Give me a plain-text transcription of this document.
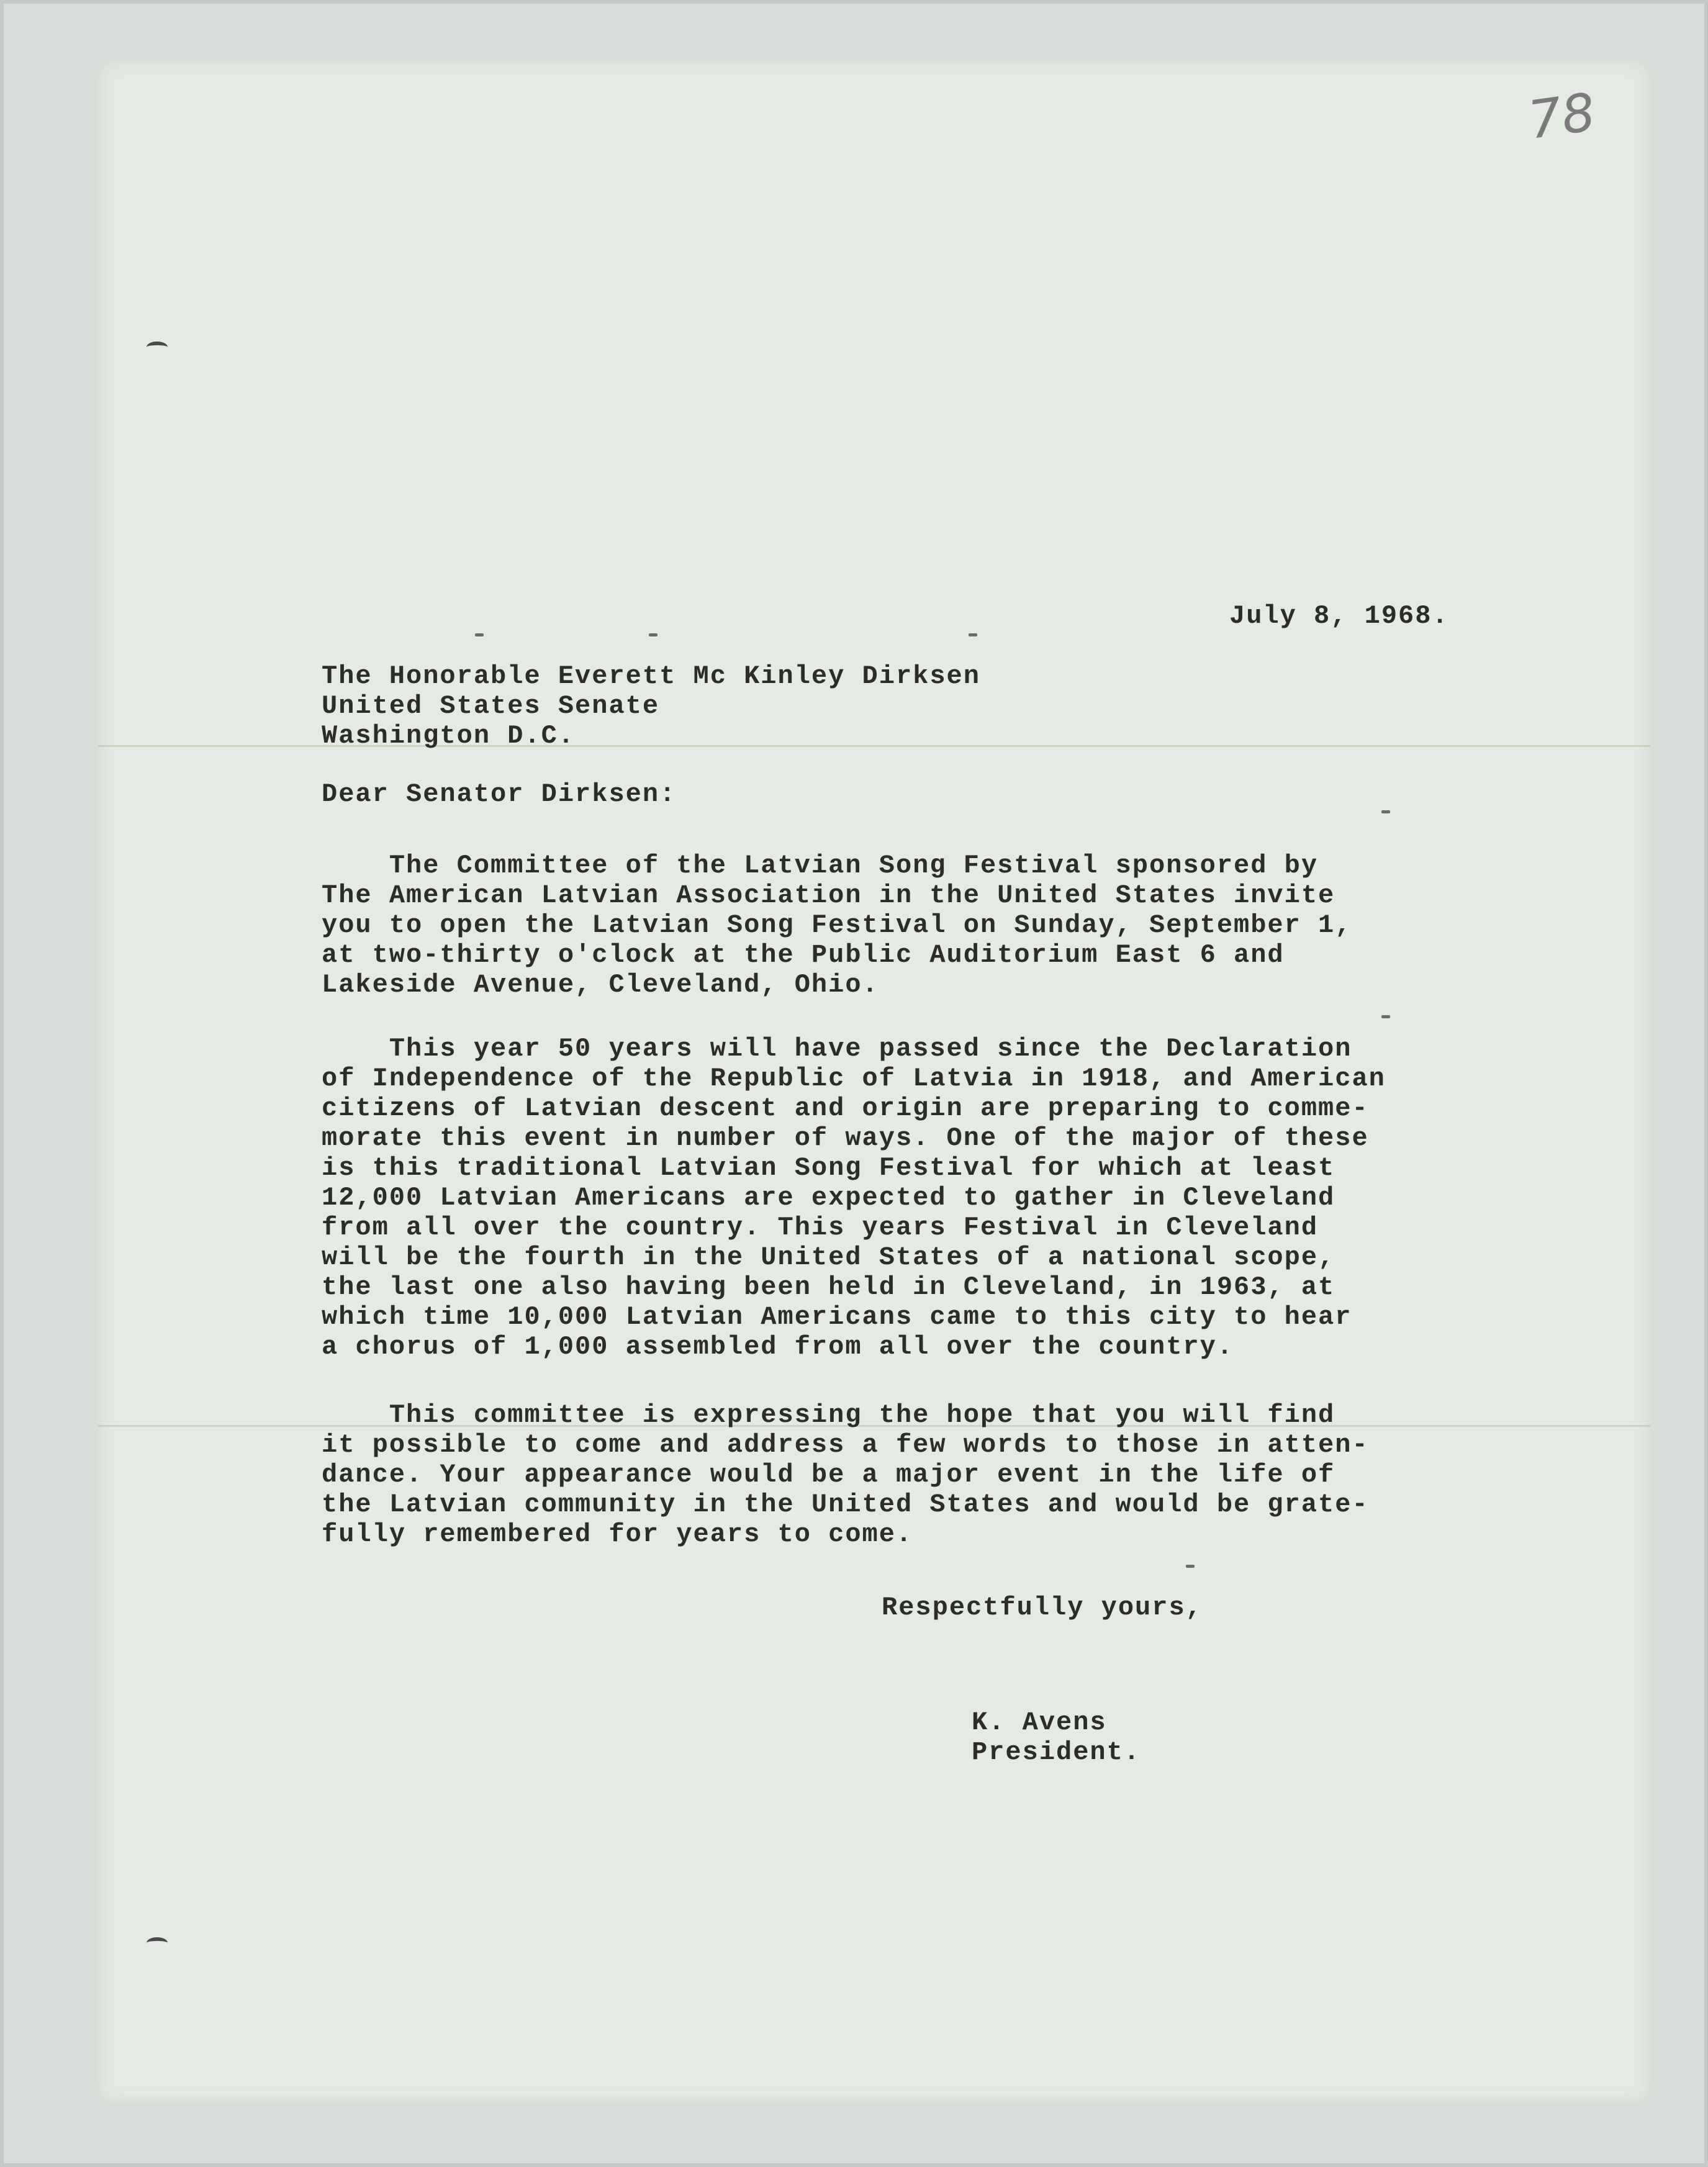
78
July 8, 1968.
The Honorable Everett Mc Kinley Dirksen
United States Senate
Washington D.C.
Dear Senator Dirksen:
The Committee of the Latvian Song Festival sponsored by
The American Latvian Association in the United States invite
you to open the Latvian Song Festival on Sunday, September 1,
at two-thirty o'clock at the Public Auditorium East 6 and
Lakeside Avenue, Cleveland, Ohio.
This year 50 years will have passed since the Declaration
of Independence of the Republic of Latvia in 1918, and American
citizens of Latvian descent and origin are preparing to comme-
morate this event in number of ways. One of the major of these
is this traditional Latvian Song Festival for which at least
12,000 Latvian Americans are expected to gather in Cleveland
from all over the country. This years Festival in Cleveland
will be the fourth in the United States of a national scope,
the last one also having been held in Cleveland, in 1963, at
which time 10,000 Latvian Americans came to this city to hear
a chorus of 1,000 assembled from all over the country.
This committee is expressing the hope that you will find
it possible to come and address a few words to those in atten-
dance. Your appearance would be a major event in the life of
the Latvian community in the United States and would be grate-
fully remembered for years to come.
Respectfully yours,
K. Avens
President.
